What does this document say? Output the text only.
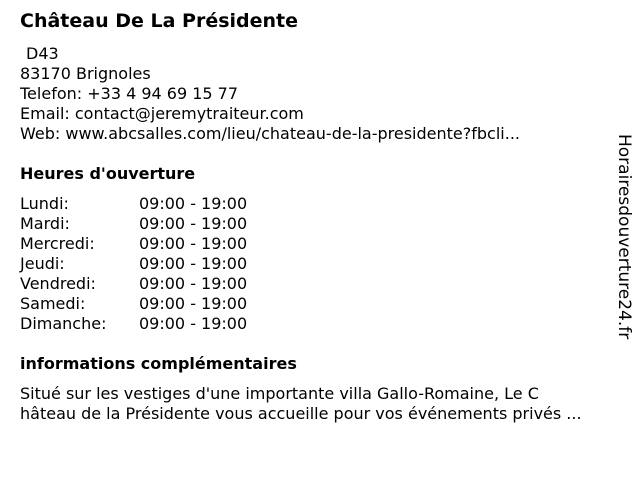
Château De La Présidente
D43
83170 Brignoles
Telefon: +33 4 94 69 15 77
Email: contact@jeremytraiteur.com
Web: www.abcsalles.com/lieu/chateau-de-la-presidente?fbcli...
Heures d'ouverture
Lundi:	09:00 - 19:00
Mardi:	09:00 - 19:00
Mercredi:	09:00 - 19:00
Jeudi:	09:00 - 19:00
Vendredi:	09:00 - 19:00
Samedi:	09:00 - 19:00
Dimanche: 09:00 - 19:00
informations complémentaires
Situé sur les vestiges d'une importante villa Gallo-Romaine, Le C
hâteau de la Présidente vous accueille pour vos événements privés ...
Horairesdouverture24.fr
